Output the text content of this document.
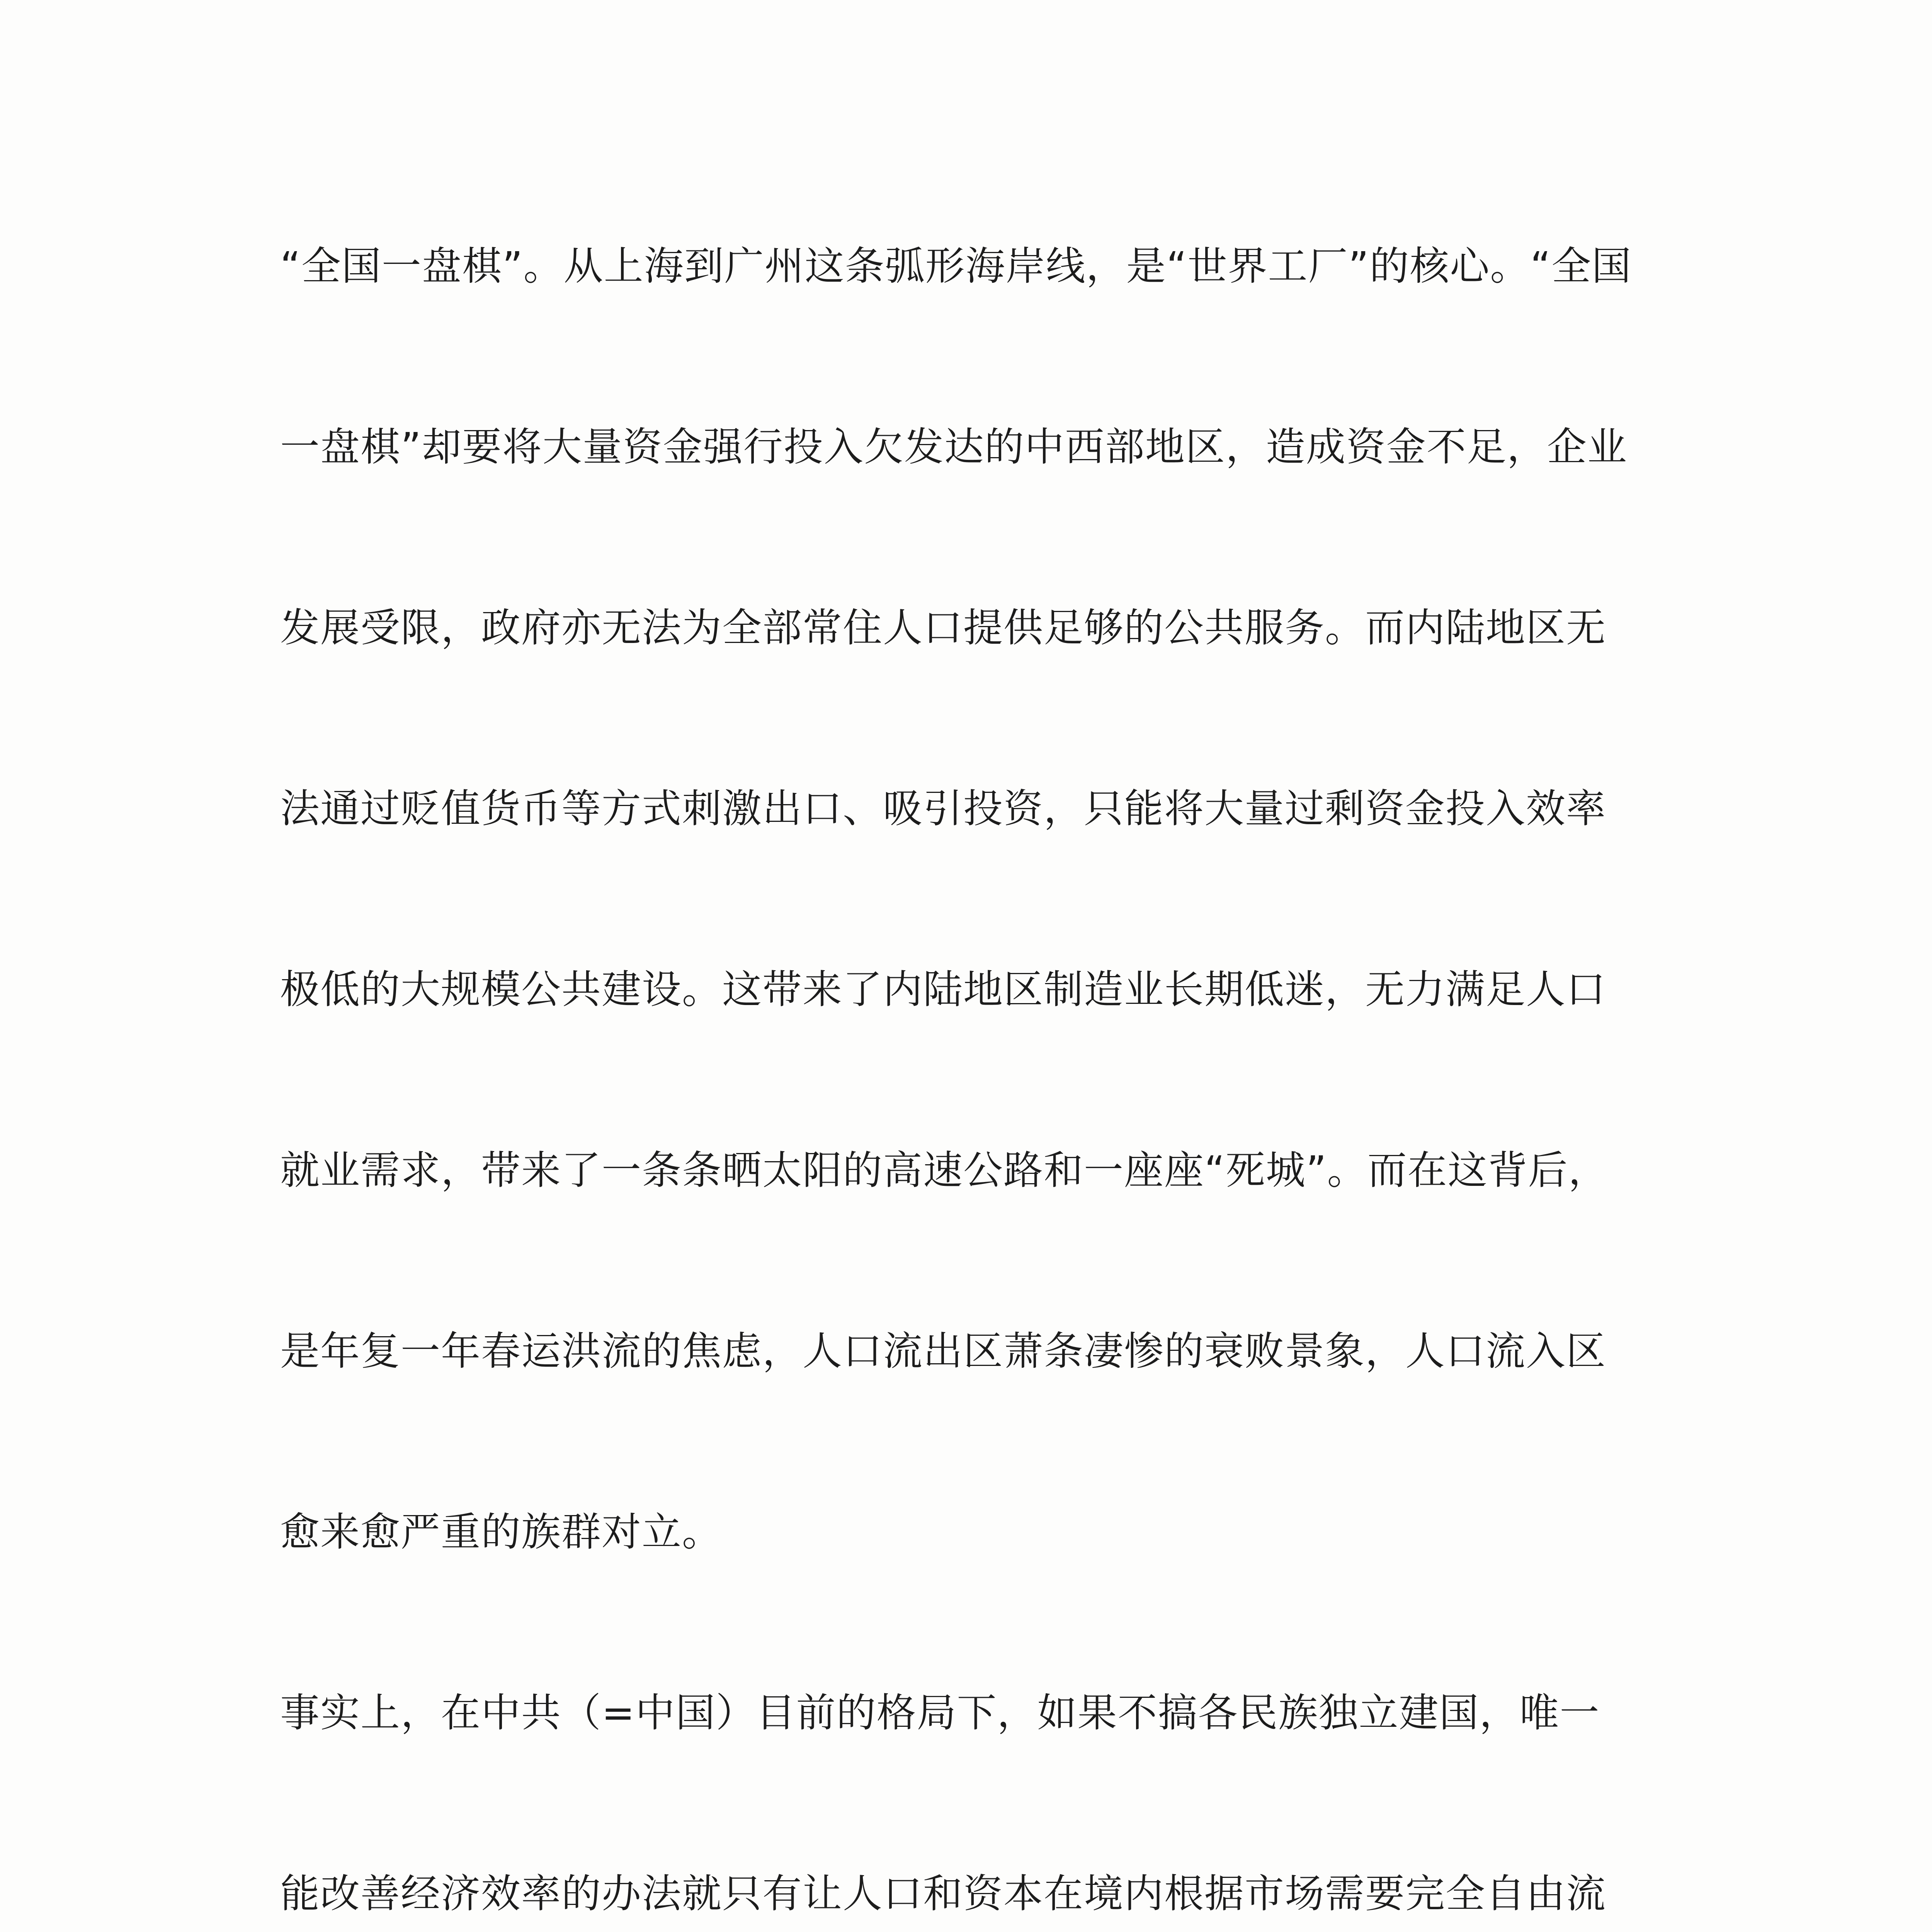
“全国一盘棋”。从上海到广州这条弧形海岸线，是“世界工厂”的核心。“全国
一盘棋”却要将大量资金强行投入欠发达的中西部地区，造成资金不足，企业
发展受限，政府亦无法为全部常住人口提供足够的公共服务。而内陆地区无
法通过贬值货币等方式刺激出口、吸引投资，只能将大量过剩资金投入效率
极低的大规模公共建设。这带来了内陆地区制造业长期低迷，无力满足人口
就业需求，带来了一条条晒太阳的高速公路和一座座“死城”。而在这背后，
是年复一年春运洪流的焦虑，人口流出区萧条凄惨的衰败景象，人口流入区
愈来愈严重的族群对立。
事实上，在中共（=中国）目前的格局下，如果不搞各民族独立建国，唯一
能改善经济效率的办法就只有让人口和资本在境内根据市场需要完全自由流
